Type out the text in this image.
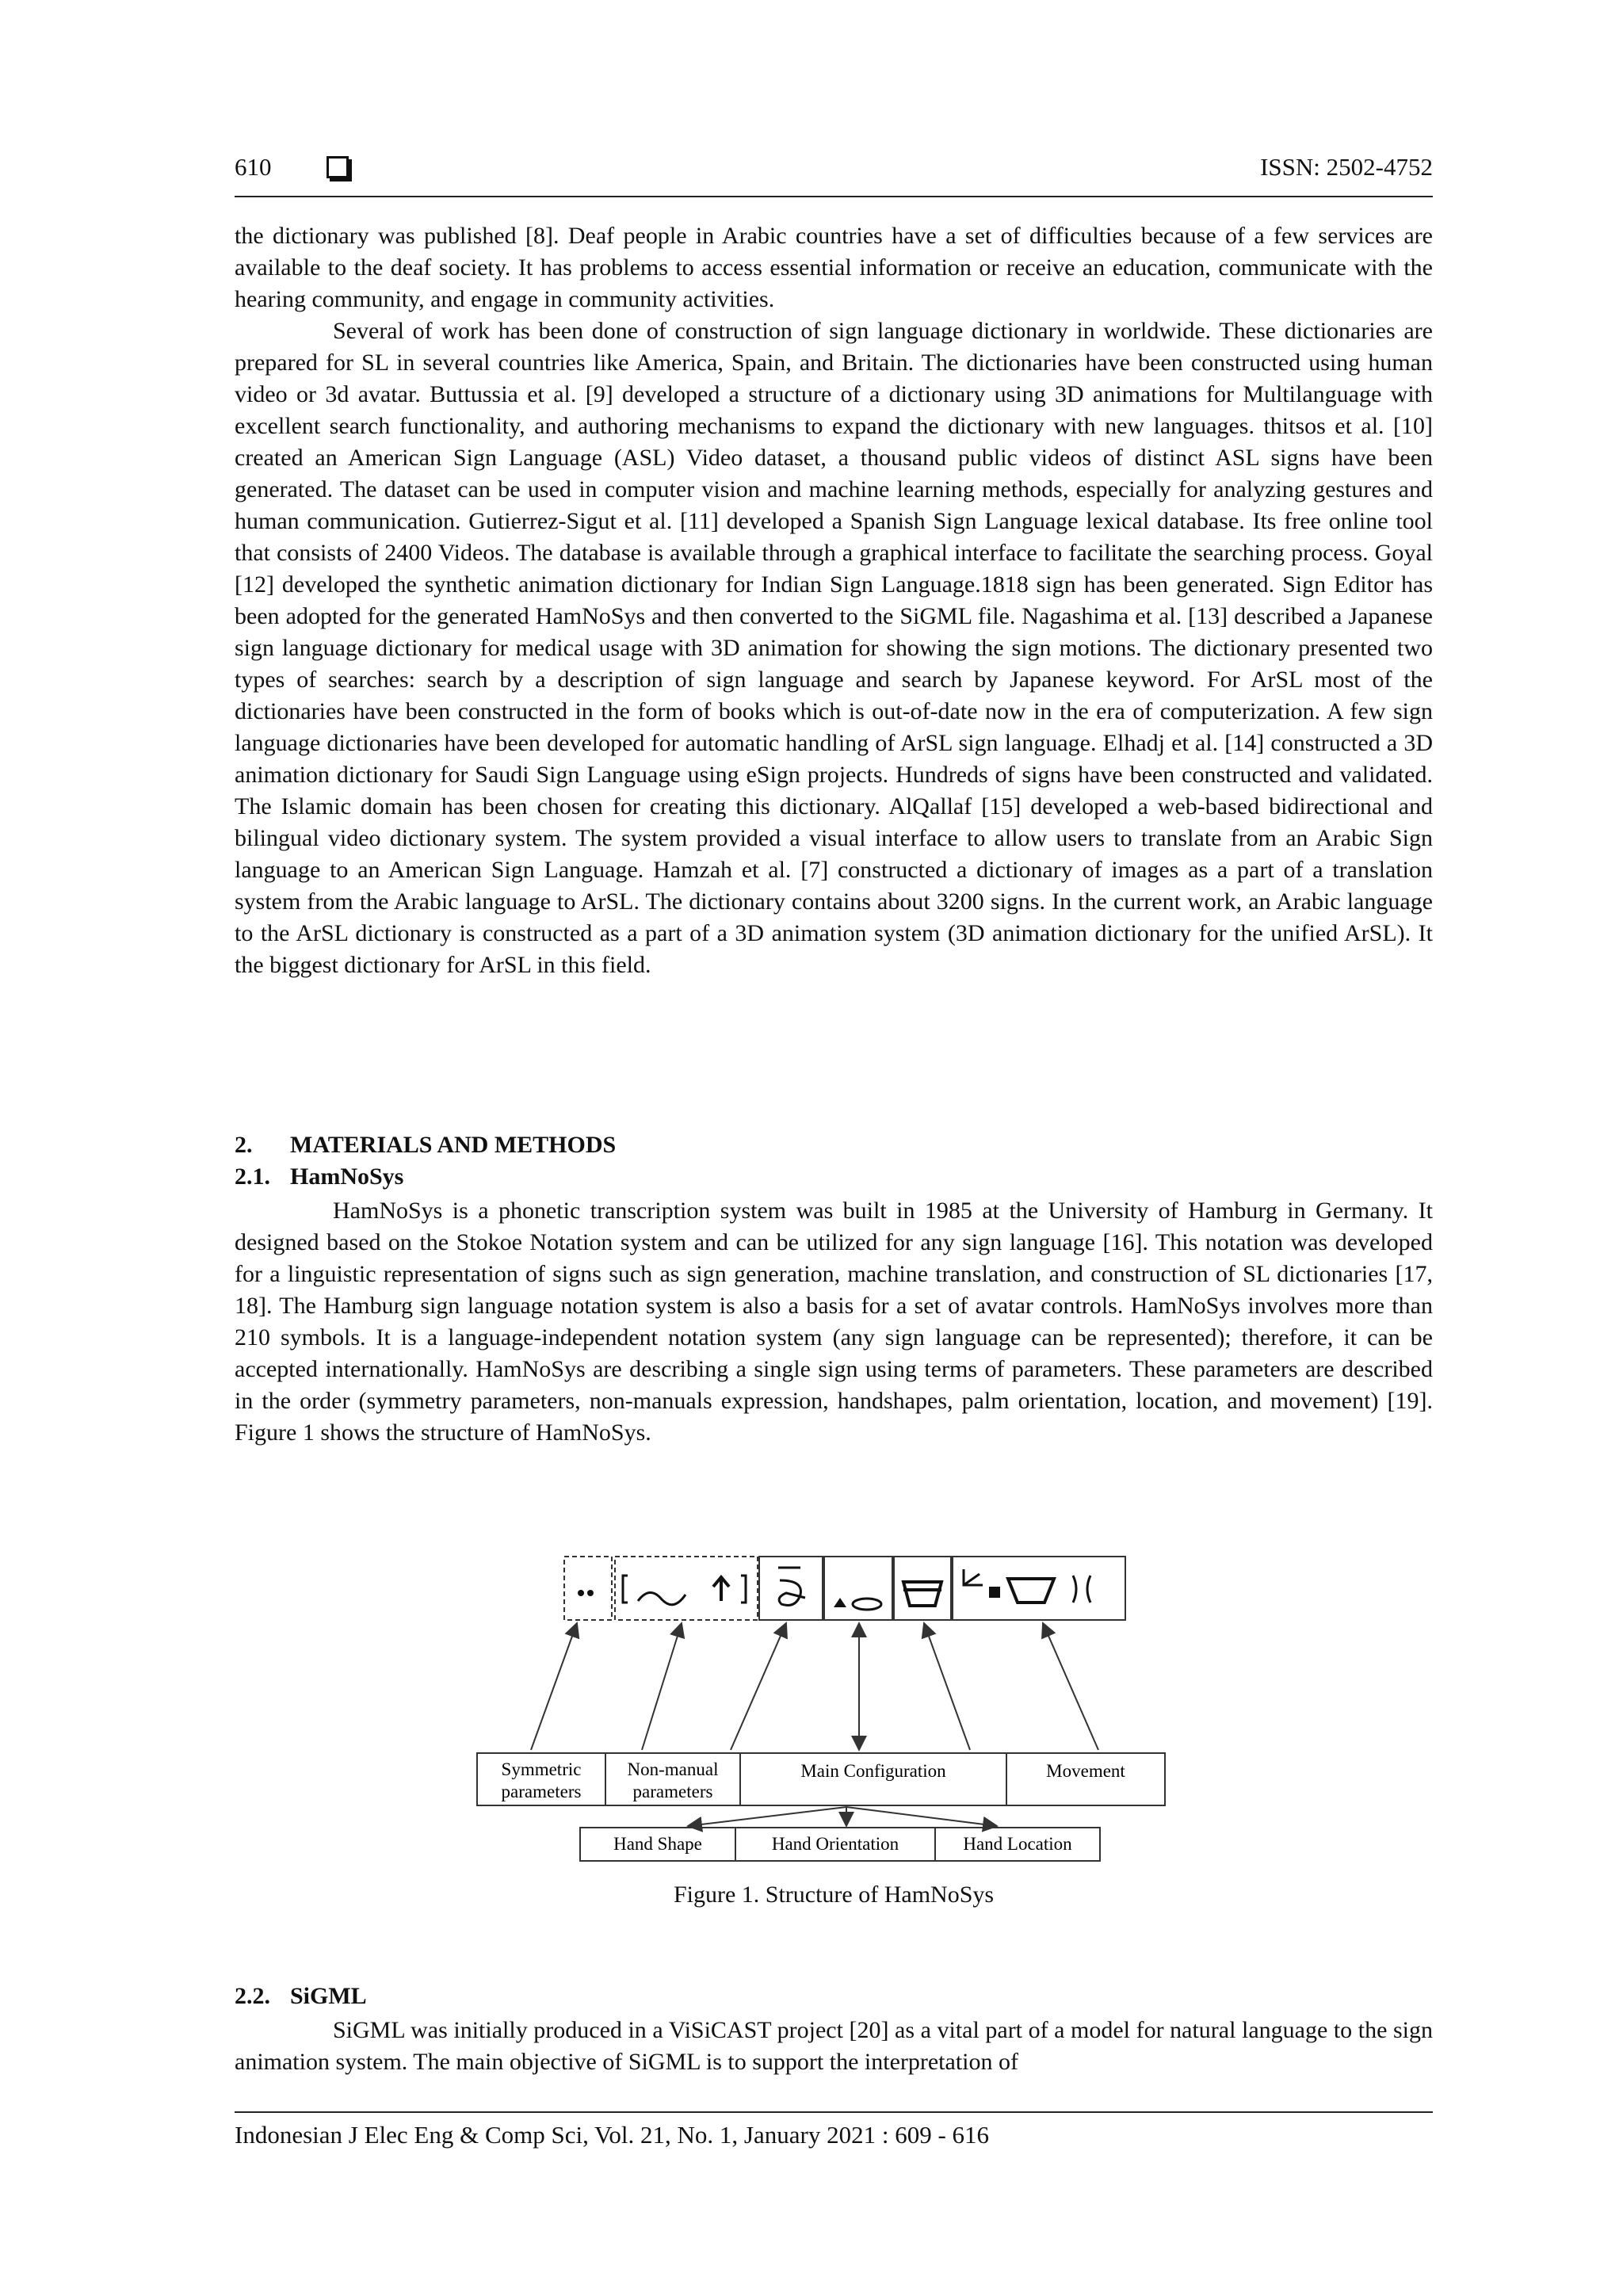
610	ISSN: 2502-4752

the dictionary was published [8]. Deaf people in Arabic countries have a set of difficulties because of a few services are available to the deaf society. It has problems to access essential information or receive an education, communicate with the hearing community, and engage in community activities.

Several of work has been done of construction of sign language dictionary in worldwide. These dictionaries are prepared for SL in several countries like America, Spain, and Britain. The dictionaries have been constructed using human video or 3d avatar. Buttussia et al. [9] developed a structure of a dictionary using 3D animations for Multilanguage with excellent search functionality, and authoring mechanisms to expand the dictionary with new languages. thitsos et al. [10] created an American Sign Language (ASL) Video dataset, a thousand public videos of distinct ASL signs have been generated. The dataset can be used in computer vision and machine learning methods, especially for analyzing gestures and human communication. Gutierrez-Sigut et al. [11] developed a Spanish Sign Language lexical database. Its free online tool that consists of 2400 Videos. The database is available through a graphical interface to facilitate the searching process. Goyal [12] developed the synthetic animation dictionary for Indian Sign Language.1818 sign has been generated. Sign Editor has been adopted for the generated HamNoSys and then converted to the SiGML file. Nagashima et al. [13] described a Japanese sign language dictionary for medical usage with 3D animation for showing the sign motions. The dictionary presented two types of searches: search by a description of sign language and search by Japanese keyword. For ArSL most of the dictionaries have been constructed in the form of books which is out-of-date now in the era of computerization. A few sign language dictionaries have been developed for automatic handling of ArSL sign language. Elhadj et al. [14] constructed a 3D animation dictionary for Saudi Sign Language using eSign projects. Hundreds of signs have been constructed and validated. The Islamic domain has been chosen for creating this dictionary. AlQallaf [15] developed a web-based bidirectional and bilingual video dictionary system. The system provided a visual interface to allow users to translate from an Arabic Sign language to an American Sign Language. Hamzah et al. [7] constructed a dictionary of images as a part of a translation system from the Arabic language to ArSL. The dictionary contains about 3200 signs. In the current work, an Arabic language to the ArSL dictionary is constructed as a part of a 3D animation system (3D animation dictionary for the unified ArSL). It the biggest dictionary for ArSL in this field.

2. MATERIALS AND METHODS
2.1. HamNoSys

HamNoSys is a phonetic transcription system was built in 1985 at the University of Hamburg in Germany. It designed based on the Stokoe Notation system and can be utilized for any sign language [16]. This notation was developed for a linguistic representation of signs such as sign generation, machine translation, and construction of SL dictionaries [17, 18]. The Hamburg sign language notation system is also a basis for a set of avatar controls. HamNoSys involves more than 210 symbols. It is a language-independent notation system (any sign language can be represented); therefore, it can be accepted internationally. HamNoSys are describing a single sign using terms of parameters. These parameters are described in the order (symmetry parameters, non-manuals expression, handshapes, palm orientation, location, and movement) [19]. Figure 1 shows the structure of HamNoSys.

Symmetric
parameters
Non-manual
parameters
Main Configuration	Movement
Hand Shape	Hand Orientation	Hand Location
Figure 1. Structure of HamNoSys
2.2. SiGML

SiGML was initially produced in a ViSiCAST project [20] as a vital part of a model for natural language to the sign animation system. The main objective of SiGML is to support the interpretation of

Indonesian J Elec Eng & Comp Sci, Vol. 21, No. 1, January 2021 : 609 - 616
